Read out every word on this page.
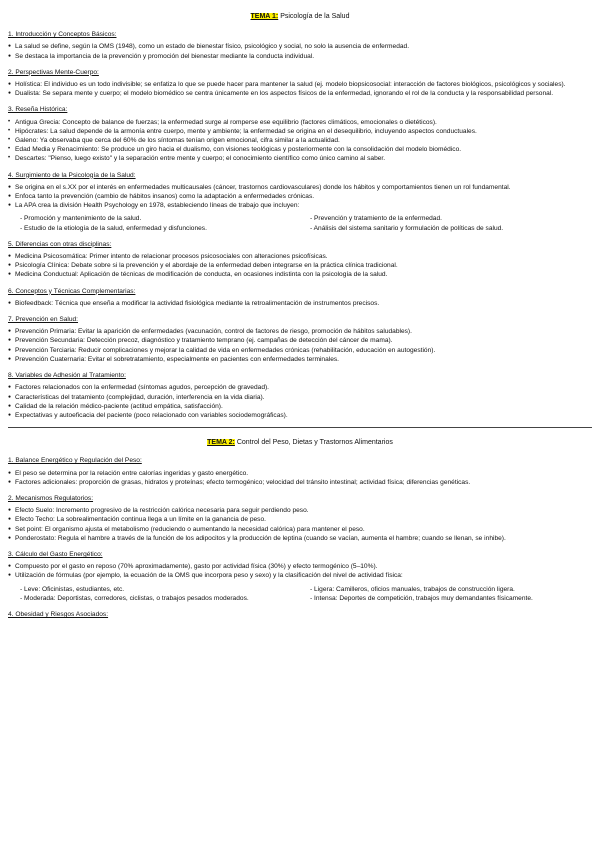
TEMA 1: Psicología de la Salud
1. Introducción y Conceptos Básicos:
● La salud se define, según la OMS (1948), como un estado de bienestar físico, psicológico y social, no solo la ausencia de enfermedad.
● Se destaca la importancia de la prevención y promoción del bienestar mediante la conducta individual.
2. Perspectivas Mente-Cuerpo:
● Holística: El individuo es un todo indivisible; se enfatiza lo que se puede hacer para mantener la salud (ej. modelo biopsicosocial: interacción de factores biológicos, psicológicos y sociales).
● Dualista: Se separa mente y cuerpo; el modelo biomédico se centra únicamente en los aspectos físicos de la enfermedad, ignorando el rol de la conducta y la responsabilidad personal.
3. Reseña Histórica:
• Antigua Grecia: Concepto de balance de fuerzas; la enfermedad surge al romperse ese equilibrio (factores climáticos, emocionales o dietéticos).
• Hipócrates: La salud depende de la armonía entre cuerpo, mente y ambiente; la enfermedad se origina en el desequilibrio, incluyendo aspectos conductuales.
• Galeno: Ya observaba que cerca del 60% de los síntomas tenían origen emocional, cifra similar a la actualidad.
• Edad Media y Renacimiento: Se produce un giro hacia el dualismo, con visiones teológicas y posteriormente con la consolidación del modelo biomédico.
• Descartes: "Pienso, luego existo" y la separación entre mente y cuerpo; el conocimiento científico como único camino al saber.
4. Surgimiento de la Psicología de la Salud:
● Se origina en el s.XX por el interés en enfermedades multicausales (cáncer, trastornos cardiovasculares) donde los hábitos y comportamientos tienen un rol fundamental.
● Enfoca tanto la prevención (cambio de hábitos insanos) como la adaptación a enfermedades crónicas.
● La APA crea la división Health Psychology en 1978, estableciendo líneas de trabajo que incluyen:
- Promoción y mantenimiento de la salud.	- Prevención y tratamiento de la enfermedad.
- Estudio de la etiología de la salud, enfermedad y disfunciones.	- Análisis del sistema sanitario y formulación de políticas de salud.
5. Diferencias con otras disciplinas:
● Medicina Psicosomática: Primer intento de relacionar procesos psicosociales con alteraciones psicofísicas.
● Psicología Clínica: Debate sobre si la prevención y el abordaje de la enfermedad deben integrarse en la práctica clínica tradicional.
● Medicina Conductual: Aplicación de técnicas de modificación de conducta, en ocasiones indistinta con la psicología de la salud.
6. Conceptos y Técnicas Complementarias:
● Biofeedback: Técnica que enseña a modificar la actividad fisiológica mediante la retroalimentación de instrumentos precisos.
7. Prevención en Salud:
● Prevención Primaria: Evitar la aparición de enfermedades (vacunación, control de factores de riesgo, promoción de hábitos saludables).
● Prevención Secundaria: Detección precoz, diagnóstico y tratamiento temprano (ej. campañas de detección del cáncer de mama).
● Prevención Terciaria: Reducir complicaciones y mejorar la calidad de vida en enfermedades crónicas (rehabilitación, educación en autogestión).
● Prevención Cuaternaria: Evitar el sobretratamiento, especialmente en pacientes con enfermedades terminales.
8. Variables de Adhesión al Tratamiento:
● Factores relacionados con la enfermedad (síntomas agudos, percepción de gravedad).
● Características del tratamiento (complejidad, duración, interferencia en la vida diaria).
● Calidad de la relación médico-paciente (actitud empática, satisfacción).
● Expectativas y autoeficacia del paciente (poco relacionado con variables sociodemográficas).
TEMA 2: Control del Peso, Dietas y Trastornos Alimentarios
1. Balance Energético y Regulación del Peso:
● El peso se determina por la relación entre calorías ingeridas y gasto energético.
● Factores adicionales: proporción de grasas, hidratos y proteínas; efecto termogénico; velocidad del tránsito intestinal; actividad física; diferencias genéticas.
2. Mecanismos Regulatorios:
● Efecto Suelo: Incremento progresivo de la restricción calórica necesaria para seguir perdiendo peso.
● Efecto Techo: La sobrealimentación continua llega a un límite en la ganancia de peso.
● Set point: El organismo ajusta el metabolismo (reduciendo o aumentando la necesidad calórica) para mantener el peso.
● Ponderostato: Regula el hambre a través de la función de los adipocitos y la producción de leptina (cuando se vacían, aumenta el hambre; cuando se llenan, se inhibe).
3. Cálculo del Gasto Energético:
● Compuesto por el gasto en reposo (70% aproximadamente), gasto por actividad física (30%) y efecto termogénico (5–10%).
● Utilización de fórmulas (por ejemplo, la ecuación de la OMS que incorpora peso y sexo) y la clasificación del nivel de actividad física:
- Leve: Oficinistas, estudiantes, etc.	- Ligera: Camilleros, oficios manuales, trabajos de construcción ligera.
- Moderada: Deportistas, corredores, ciclistas, o trabajos pesados moderados.	- Intensa: Deportes de competición, trabajos muy demandantes físicamente.
4. Obesidad y Riesgos Asociados:
